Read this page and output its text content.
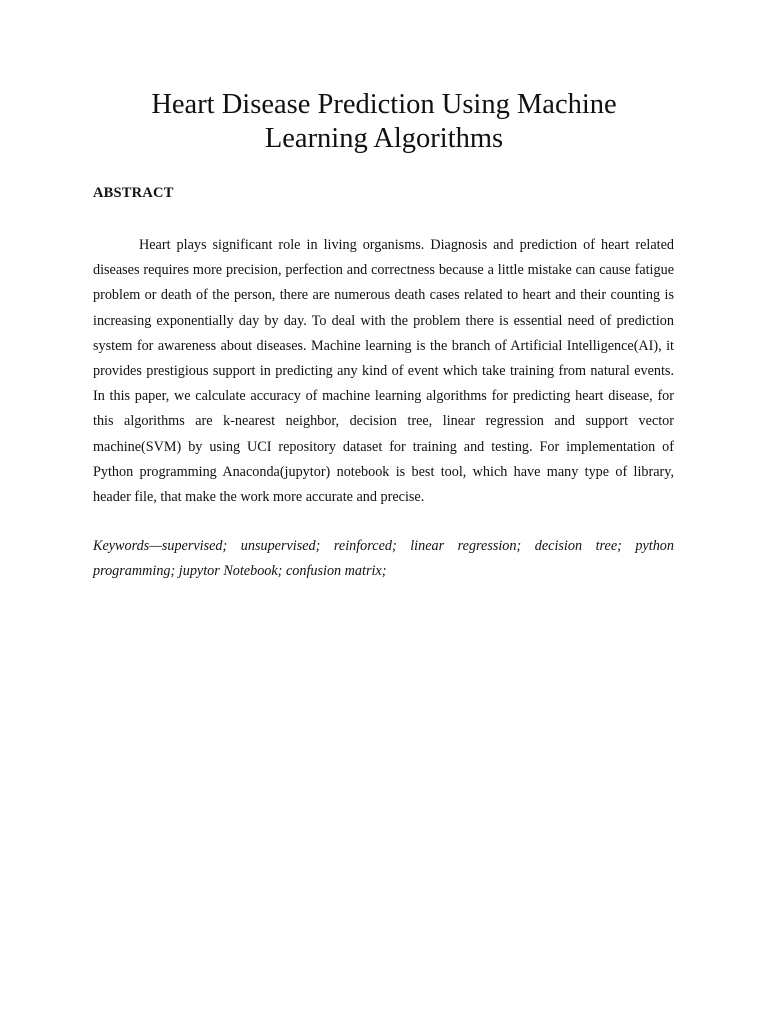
Heart Disease Prediction Using Machine
Learning Algorithms
ABSTRACT

Heart plays significant role in living organisms. Diagnosis and prediction of heart related diseases requires more precision, perfection and correctness because a little mistake can cause fatigue problem or death of the person, there are numerous death cases related to heart and their counting is increasing exponentially day by day. To deal with the problem there is essential need of prediction system for awareness about diseases. Machine learning is the branch of Artificial Intelligence(AI), it provides prestigious support in predicting any kind of event which take training from natural events. In this paper, we calculate accuracy of machine learning algorithms for predicting heart disease, for this algorithms are k-nearest neighbor, decision tree, linear regression and support vector machine(SVM) by using UCI repository dataset for training and testing. For implementation of Python programming Anaconda(jupytor) notebook is best tool, which have many type of library, header file, that make the work more accurate and precise.

Keywords—supervised; unsupervised; reinforced; linear regression; decision tree; python programming; jupytor Notebook; confusion matrix;
